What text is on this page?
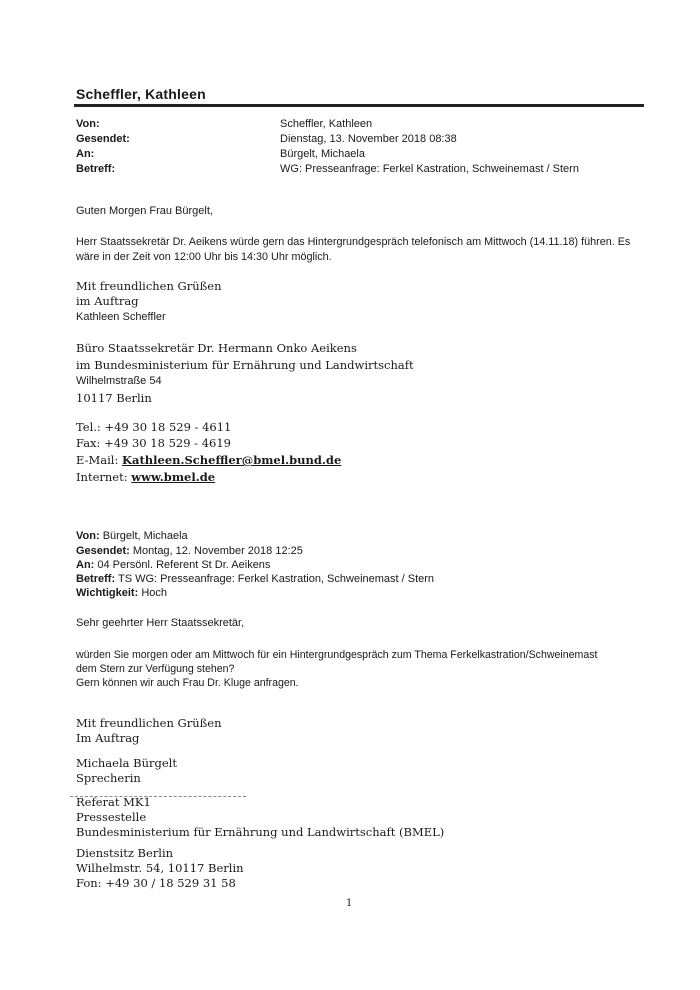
Scheffler, Kathleen
Von:	Scheffler, Kathleen
Gesendet:	Dienstag, 13. November 2018 08:38
An:	Bürgelt, Michaela
Betreff:	WG: Presseanfrage: Ferkel Kastration, Schweinemast / Stern
Guten Morgen Frau Bürgelt,
Herr Staatssekretär Dr. Aeikens würde gern das Hintergrundgespräch telefonisch am Mittwoch (14.11.18) führen. Es
wäre in der Zeit von 12:00 Uhr bis 14:30 Uhr möglich.
Mit freundlichen Grüßen
im Auftrag
Kathleen Scheffler
Büro Staatssekretär Dr. Hermann Onko Aeikens
im Bundesministerium für Ernährung und Landwirtschaft
Wilhelmstraße 54
10117 Berlin
Tel.: +49 30 18 529 - 4611
Fax: +49 30 18 529 - 4619
E-Mail: Kathleen.Scheffler@bmel.bund.de
Internet: www.bmel.de
Von: Bürgelt, Michaela
Gesendet: Montag, 12. November 2018 12:25
An: 04 Persönl. Referent St Dr. Aeikens
Betreff: TS WG: Presseanfrage: Ferkel Kastration, Schweinemast / Stern
Wichtigkeit: Hoch
Sehr geehrter Herr Staatssekretär,
würden Sie morgen oder am Mittwoch für ein Hintergrundgespräch zum Thema Ferkelkastration/Schweinemast
dem Stern zur Verfügung stehen?
Gern können wir auch Frau Dr. Kluge anfragen.
Mit freundlichen Grüßen
Im Auftrag
Michaela Bürgelt
Sprecherin
Referat MK1
Pressestelle
Bundesministerium für Ernährung und Landwirtschaft (BMEL)
Dienstsitz Berlin
Wilhelmstr. 54, 10117 Berlin
Fon: +49 30 / 18 529 31 58
1
